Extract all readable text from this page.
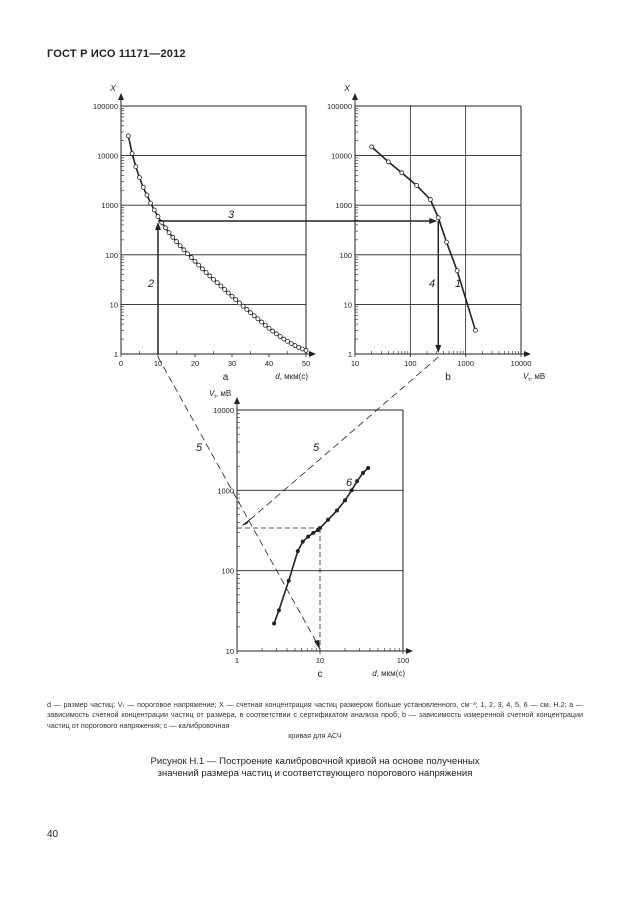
ГОСТ Р ИСО 11171—2012
d, мкм(с)
1
10
100
1000
10000
100000
0	10	20	30	40	50
X
a	$V_t$, мВ
1
10
100
1000
10000
100000
10	100	1000	10000
X
b
$V_t$, мВ
d, мкм(с)
10
100
1000
10000
1	10	100
c
2
3
1
4
5	5
6
d — размер частиц; Vₜ — пороговое напряжение; X — счетная концентрация частиц размером больше установленного, см⁻³; 1, 2, 3, 4, 5, 6 — см. Н.2; а — зависимость счетной концентрации частиц от размера, в соответствии с сертификатом анализа проб; b — зависимость измеренной счетной концентрации частиц от порогового напряжения; с — калибровочная
кривая для АСЧ
Рисунок Н.1 — Построение калибровочной кривой на основе полученных
значений размера частиц и соответствующего порогового напряжения
40
